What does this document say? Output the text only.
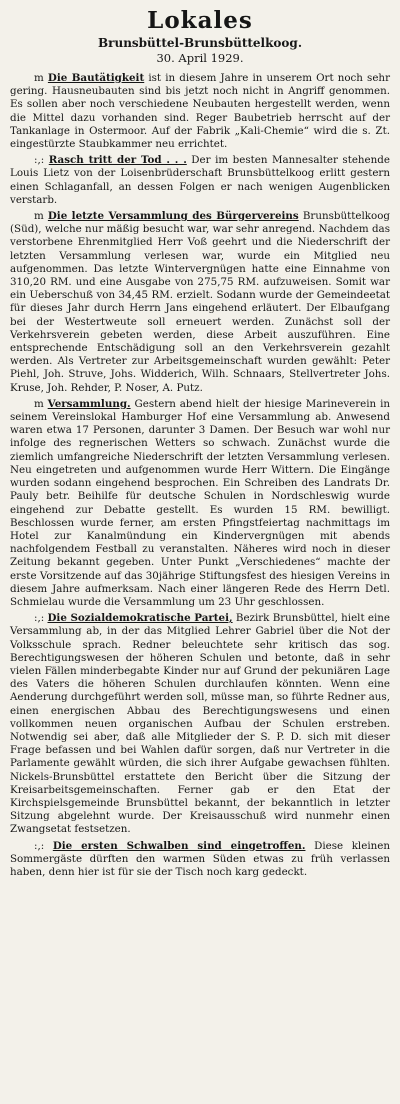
Lokales
Brunsbüttel-Brunsbüttelkoog.
30. April 1929.

m Die Bautätigkeit ist in diesem Jahre in unserem Ort noch sehr gering. Hausneubauten sind bis jetzt noch nicht in Angriff genommen. Es sollen aber noch verschiedene Neubauten hergestellt werden, wenn die Mittel dazu vorhanden sind. Reger Baubetrieb herrscht auf der Tankanlage in Ostermoor. Auf der Fabrik „Kali-Chemie“ wird die s. Zt. eingestürzte Staubkammer neu errichtet.

:,: Rasch tritt der Tod . . . Der im besten Mannesalter stehende Louis Lietz von der Loisenbrüderschaft Brunsbüttelkoog erlitt gestern einen Schlaganfall, an dessen Folgen er nach wenigen Augenblicken verstarb.

m Die letzte Versammlung des Bürgervereins Brunsbüttelkoog (Süd), welche nur mäßig besucht war, war sehr anregend. Nachdem das verstorbene Ehrenmitglied Herr Voß geehrt und die Niederschrift der letzten Versammlung verlesen war, wurde ein Mitglied neu aufgenommen. Das letzte Wintervergnügen hatte eine Einnahme von 310,20 RM. und eine Ausgabe von 275,75 RM. aufzuweisen. Somit war ein Ueberschuß von 34,45 RM. erzielt. Sodann wurde der Gemeindeetat für dieses Jahr durch Herrn Jans eingehend erläutert. Der Elbaufgang bei der Westertweute soll erneuert werden. Zunächst soll der Verkehrsverein gebeten werden, diese Arbeit auszuführen. Eine entsprechende Entschädigung soll an den Verkehrsverein gezahlt werden. Als Vertreter zur Arbeitsgemeinschaft wurden gewählt: Peter Piehl, Joh. Struve, Johs. Widderich, Wilh. Schnaars, Stellvertreter Johs. Kruse, Joh. Rehder, P. Noser, A. Putz.

m Versammlung. Gestern abend hielt der hiesige Marineverein in seinem Vereinslokal Hamburger Hof eine Versammlung ab. Anwesend waren etwa 17 Personen, darunter 3 Damen. Der Besuch war wohl nur infolge des regnerischen Wetters so schwach. Zunächst wurde die ziemlich umfangreiche Niederschrift der letzten Versammlung verlesen. Neu eingetreten und aufgenommen wurde Herr Wittern. Die Eingänge wurden sodann eingehend besprochen. Ein Schreiben des Landrats Dr. Pauly betr. Beihilfe für deutsche Schulen in Nordschleswig wurde eingehend zur Debatte gestellt. Es wurden 15 RM. bewilligt. Beschlossen wurde ferner, am ersten Pfingstfeiertag nachmittags im Hotel zur Kanalmündung ein Kindervergnügen mit abends nachfolgendem Festball zu veranstalten. Näheres wird noch in dieser Zeitung bekannt gegeben. Unter Punkt „Verschiedenes“ machte der erste Vorsitzende auf das 30jährige Stiftungsfest des hiesigen Vereins in diesem Jahre aufmerksam. Nach einer längeren Rede des Herrn Detl. Schmielau wurde die Versammlung um 23 Uhr geschlossen.

:,: Die Sozialdemokratische Partei, Bezirk Brunsbüttel, hielt eine Versammlung ab, in der das Mitglied Lehrer Gabriel über die Not der Volksschule sprach. Redner beleuchtete sehr kritisch das sog. Berechtigungswesen der höheren Schulen und betonte, daß in sehr vielen Fällen minderbegabte Kinder nur auf Grund der pekuniären Lage des Vaters die höheren Schulen durchlaufen könnten. Wenn eine Aenderung durchgeführt werden soll, müsse man, so führte Redner aus, einen energischen Abbau des Berechtigungswesens und einen vollkommen neuen organischen Aufbau der Schulen erstreben. Notwendig sei aber, daß alle Mitglieder der S. P. D. sich mit dieser Frage befassen und bei Wahlen dafür sorgen, daß nur Vertreter in die Parlamente gewählt würden, die sich ihrer Aufgabe gewachsen fühlten. Nickels-Brunsbüttel erstattete den Bericht über die Sitzung der Kreisarbeitsgemeinschaften. Ferner gab er den Etat der Kirchspielsgemeinde Brunsbüttel bekannt, der bekanntlich in letzter Sitzung abgelehnt wurde. Der Kreisausschuß wird nunmehr einen Zwangsetat festsetzen.

:,: Die ersten Schwalben sind eingetroffen. Diese kleinen Sommergäste dürften den warmen Süden etwas zu früh verlassen haben, denn hier ist für sie der Tisch noch karg gedeckt.
